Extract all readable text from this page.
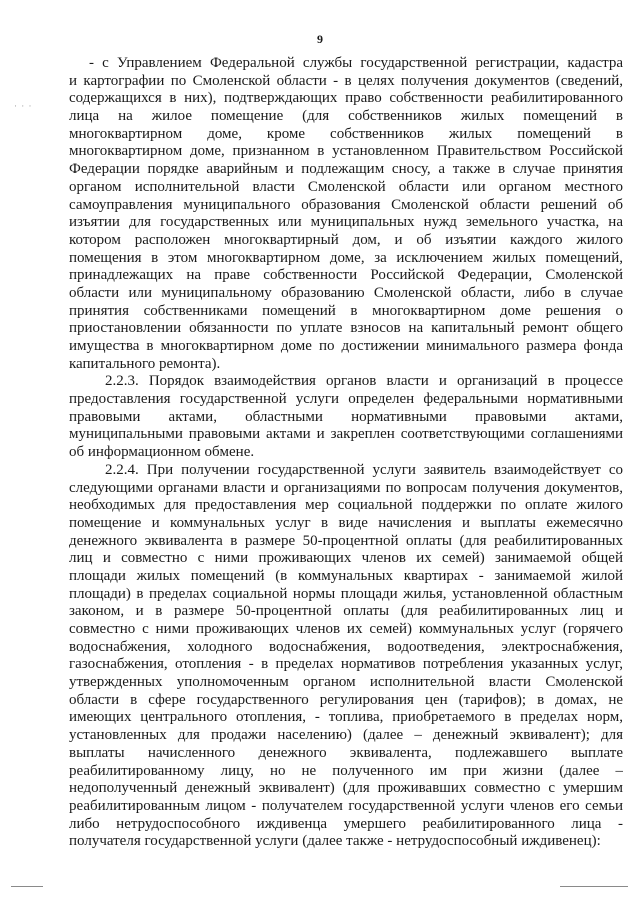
9
· · ·
- с Управлением Федеральной службы государственной регистрации, кадастра
и картографии по Смоленской области - в целях получения документов (сведений,
содержащихся в них), подтверждающих право собственности реабилитированного
лица на жилое помещение (для собственников жилых помещений в
многоквартирном доме, кроме собственников жилых помещений в
многоквартирном доме, признанном в установленном Правительством Российской
Федерации порядке аварийным и подлежащим сносу, а также в случае принятия
органом исполнительной власти Смоленской области или органом местного
самоуправления муниципального образования Смоленской области решений об
изъятии для государственных или муниципальных нужд земельного участка, на
котором расположен многоквартирный дом, и об изъятии каждого жилого
помещения в этом многоквартирном доме, за исключением жилых помещений,
принадлежащих на праве собственности Российской Федерации, Смоленской
области или муниципальному образованию Смоленской области, либо в случае
принятия собственниками помещений в многоквартирном доме решения о
приостановлении обязанности по уплате взносов на капитальный ремонт общего
имущества в многоквартирном доме по достижении минимального размера фонда
капитального ремонта).
2.2.3. Порядок взаимодействия органов власти и организаций в процессе
предоставления государственной услуги определен федеральными нормативными
правовыми актами, областными нормативными правовыми актами,
муниципальными правовыми актами и закреплен соответствующими соглашениями
об информационном обмене.
2.2.4. При получении государственной услуги заявитель взаимодействует со
следующими органами власти и организациями по вопросам получения документов,
необходимых для предоставления мер социальной поддержки по оплате жилого
помещение и коммунальных услуг в виде начисления и выплаты ежемесячно
денежного эквивалента в размере 50-процентной оплаты (для реабилитированных
лиц и совместно с ними проживающих членов их семей) занимаемой общей
площади жилых помещений (в коммунальных квартирах - занимаемой жилой
площади) в пределах социальной нормы площади жилья, установленной областным
законом, и в размере 50-процентной оплаты (для реабилитированных лиц и
совместно с ними проживающих членов их семей) коммунальных услуг (горячего
водоснабжения, холодного водоснабжения, водоотведения, электроснабжения,
газоснабжения, отопления - в пределах нормативов потребления указанных услуг,
утвержденных уполномоченным органом исполнительной власти Смоленской
области в сфере государственного регулирования цен (тарифов); в домах, не
имеющих центрального отопления, - топлива, приобретаемого в пределах норм,
установленных для продажи населению) (далее – денежный эквивалент); для
выплаты начисленного денежного эквивалента, подлежавшего выплате
реабилитированному лицу, но не полученного им при жизни (далее –
недополученный денежный эквивалент) (для проживавших совместно с умершим
реабилитированным лицом - получателем государственной услуги членов его семьи
либо нетрудоспособного иждивенца умершего реабилитированного лица -
получателя государственной услуги (далее также - нетрудоспособный иждивенец):
